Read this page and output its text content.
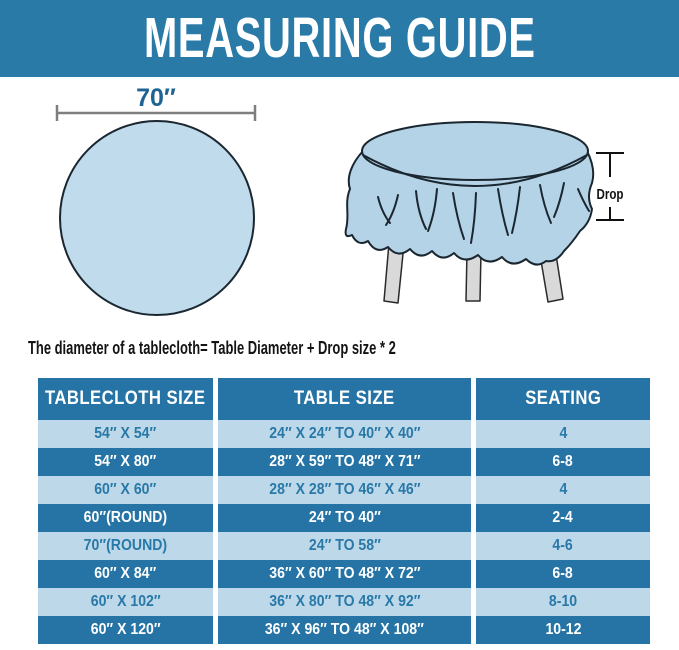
MEASURING GUIDE
70″
Drop

The diameter of a tablecloth= Table Diameter + Drop size * 2

TABLECLOTH SIZE	TABLE SIZE	SEATING
54″ X 54″	24″ X 24″ TO 40″ X 40″	4
54″ X 80″	28″ X 59″ TO 48″ X 71″	6-8
60″ X 60″	28″ X 28″ TO 46″ X 46″	4
60″(ROUND)	24″ TO 40″	2-4
70″(ROUND)	24″ TO 58″	4-6
60″ X 84″	36″ X 60″ TO 48″ X 72″	6-8
60″ X 102″	36″ X 80″ TO 48″ X 92″	8-10
60″ X 120″	36″ X 96″ TO 48″ X 108″	10-12
